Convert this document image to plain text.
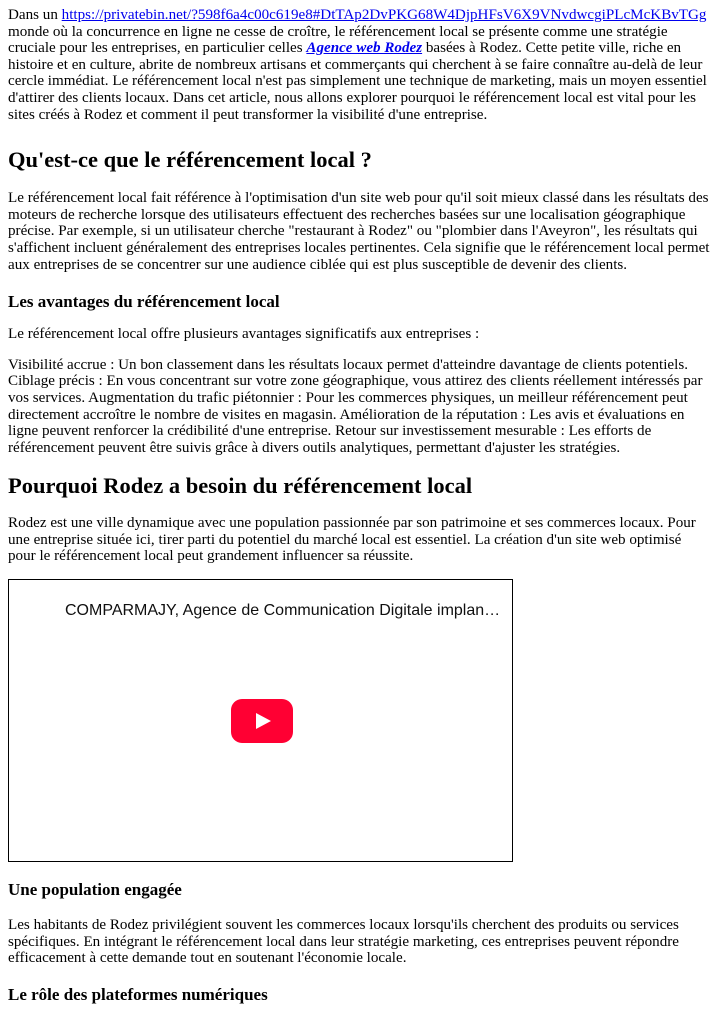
Dans un https://privatebin.net/?598f6a4c00c619e8#DtTAp2DvPKG68W4DjpHFsV6X9VNvdwcgiPLcMcKBvTGg monde où la concurrence en ligne ne cesse de croître, le référencement local se présente comme une stratégie cruciale pour les entreprises, en particulier celles Agence web Rodez basées à Rodez. Cette petite ville, riche en histoire et en culture, abrite de nombreux artisans et commerçants qui cherchent à se faire connaître au-delà de leur cercle immédiat. Le référencement local n'est pas simplement une technique de marketing, mais un moyen essentiel d'attirer des clients locaux. Dans cet article, nous allons explorer pourquoi le référencement local est vital pour les sites créés à Rodez et comment il peut transformer la visibilité d'une entreprise.

Qu'est-ce que le référencement local ?

Le référencement local fait référence à l'optimisation d'un site web pour qu'il soit mieux classé dans les résultats des moteurs de recherche lorsque des utilisateurs effectuent des recherches basées sur une localisation géographique précise. Par exemple, si un utilisateur cherche "restaurant à Rodez" ou "plombier dans l'Aveyron", les résultats qui s'affichent incluent généralement des entreprises locales pertinentes. Cela signifie que le référencement local permet aux entreprises de se concentrer sur une audience ciblée qui est plus susceptible de devenir des clients.

Les avantages du référencement local

Le référencement local offre plusieurs avantages significatifs aux entreprises :

Visibilité accrue : Un bon classement dans les résultats locaux permet d'atteindre davantage de clients potentiels. Ciblage précis : En vous concentrant sur votre zone géographique, vous attirez des clients réellement intéressés par vos services. Augmentation du trafic piétonnier : Pour les commerces physiques, un meilleur référencement peut directement accroître le nombre de visites en magasin. Amélioration de la réputation : Les avis et évaluations en ligne peuvent renforcer la crédibilité d'une entreprise. Retour sur investissement mesurable : Les efforts de référencement peuvent être suivis grâce à divers outils analytiques, permettant d'ajuster les stratégies.

Pourquoi Rodez a besoin du référencement local

Rodez est une ville dynamique avec une population passionnée par son patrimoine et ses commerces locaux. Pour une entreprise située ici, tirer parti du potentiel du marché local est essentiel. La création d'un site web optimisé pour le référencement local peut grandement influencer sa réussite.

COMPARMAJY, Agence de Communication Digitale implan…
Une population engagée

Les habitants de Rodez privilégient souvent les commerces locaux lorsqu'ils cherchent des produits ou services spécifiques. En intégrant le référencement local dans leur stratégie marketing, ces entreprises peuvent répondre efficacement à cette demande tout en soutenant l'économie locale.

Le rôle des plateformes numériques
